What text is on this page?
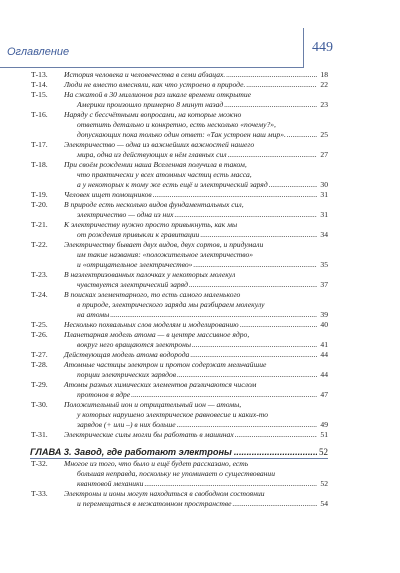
Оглавление	449
Т-13. История человека и человечества в семи абзацах. .....	18
Т-14. Люди не вместо вмесняли, как что устроено в природе. .....	22
Т-15. На сжатой в 30 миллионов раз шкале времени открытие
Америки произошло примерно 8 минут назад .....	23
Т-16. Наряду с бессчётными вопросами, на которые можно
ответить детально и конкретно, есть несколько «почему?»,
допускающих пока только один ответ: «Так устроен наш мир». .....	25
Т-17. Электричество — одна из важнейших важностей нашего
мира, одна из действующих в нём главных сил .....	27
Т-18. При своём рождении наша Вселенная получила в таком,
что практически у всех атомных частиц есть масса,
а у некоторых к тому же есть ещё и электрический заряд .....	30
Т-19. Человек ищет помощников .....	31
Т-20. В природе есть несколько видов фундаментальных сил,
электричество — одна из них .....	31
Т-21. К электричеству нужно просто привыкнуть, как мы
от рождения привыкли к гравитации .....	34
Т-22. Электричеству бывает двух видов, двух сортов, и придумали
им такие названия: «положительное электричество»
и «отрицательное электричество» .....	35
Т-23. В наэлектризованных палочках у некоторых молекул
чувствуется электрический заряд .....	37
Т-24. В поисках элементарного, то есть самого маленького
в природе, электрического заряда мы разбираем молекулу
на атомы .....	39
Т-25. Несколько похвальных слов моделям и моделированию .....	40
Т-26. Планетарная модель атома — в центре массивное ядро,
вокруг него вращаются электроны .....	41
Т-27. Действующая модель атома водорода .....	44
Т-28. Атомные частицы электрон и протон содержат мельчайшие
порции электрических зарядов .....	44
Т-29. Атомы разных химических элементов различаются числом
протонов в ядре .....	47
Т-30. Положительный ион и отрицательный ион — атомы,
у которых нарушено электрическое равновесие и каких-то
зарядов (+ или –) в них больше .....	49
Т-31. Электрические силы могли бы работать в машинах .....	51
ГЛАВА 3. Завод, где работают электроны .....	52
Т-32. Многое из того, что было и ещё будет рассказано, есть
большая неправда, поскольку не упоминает о существовании
квантовой механики .....	52
Т-33. Электроны и ионы могут находиться в свободном состоянии
и перемещаться в межатомном пространстве .....	54
